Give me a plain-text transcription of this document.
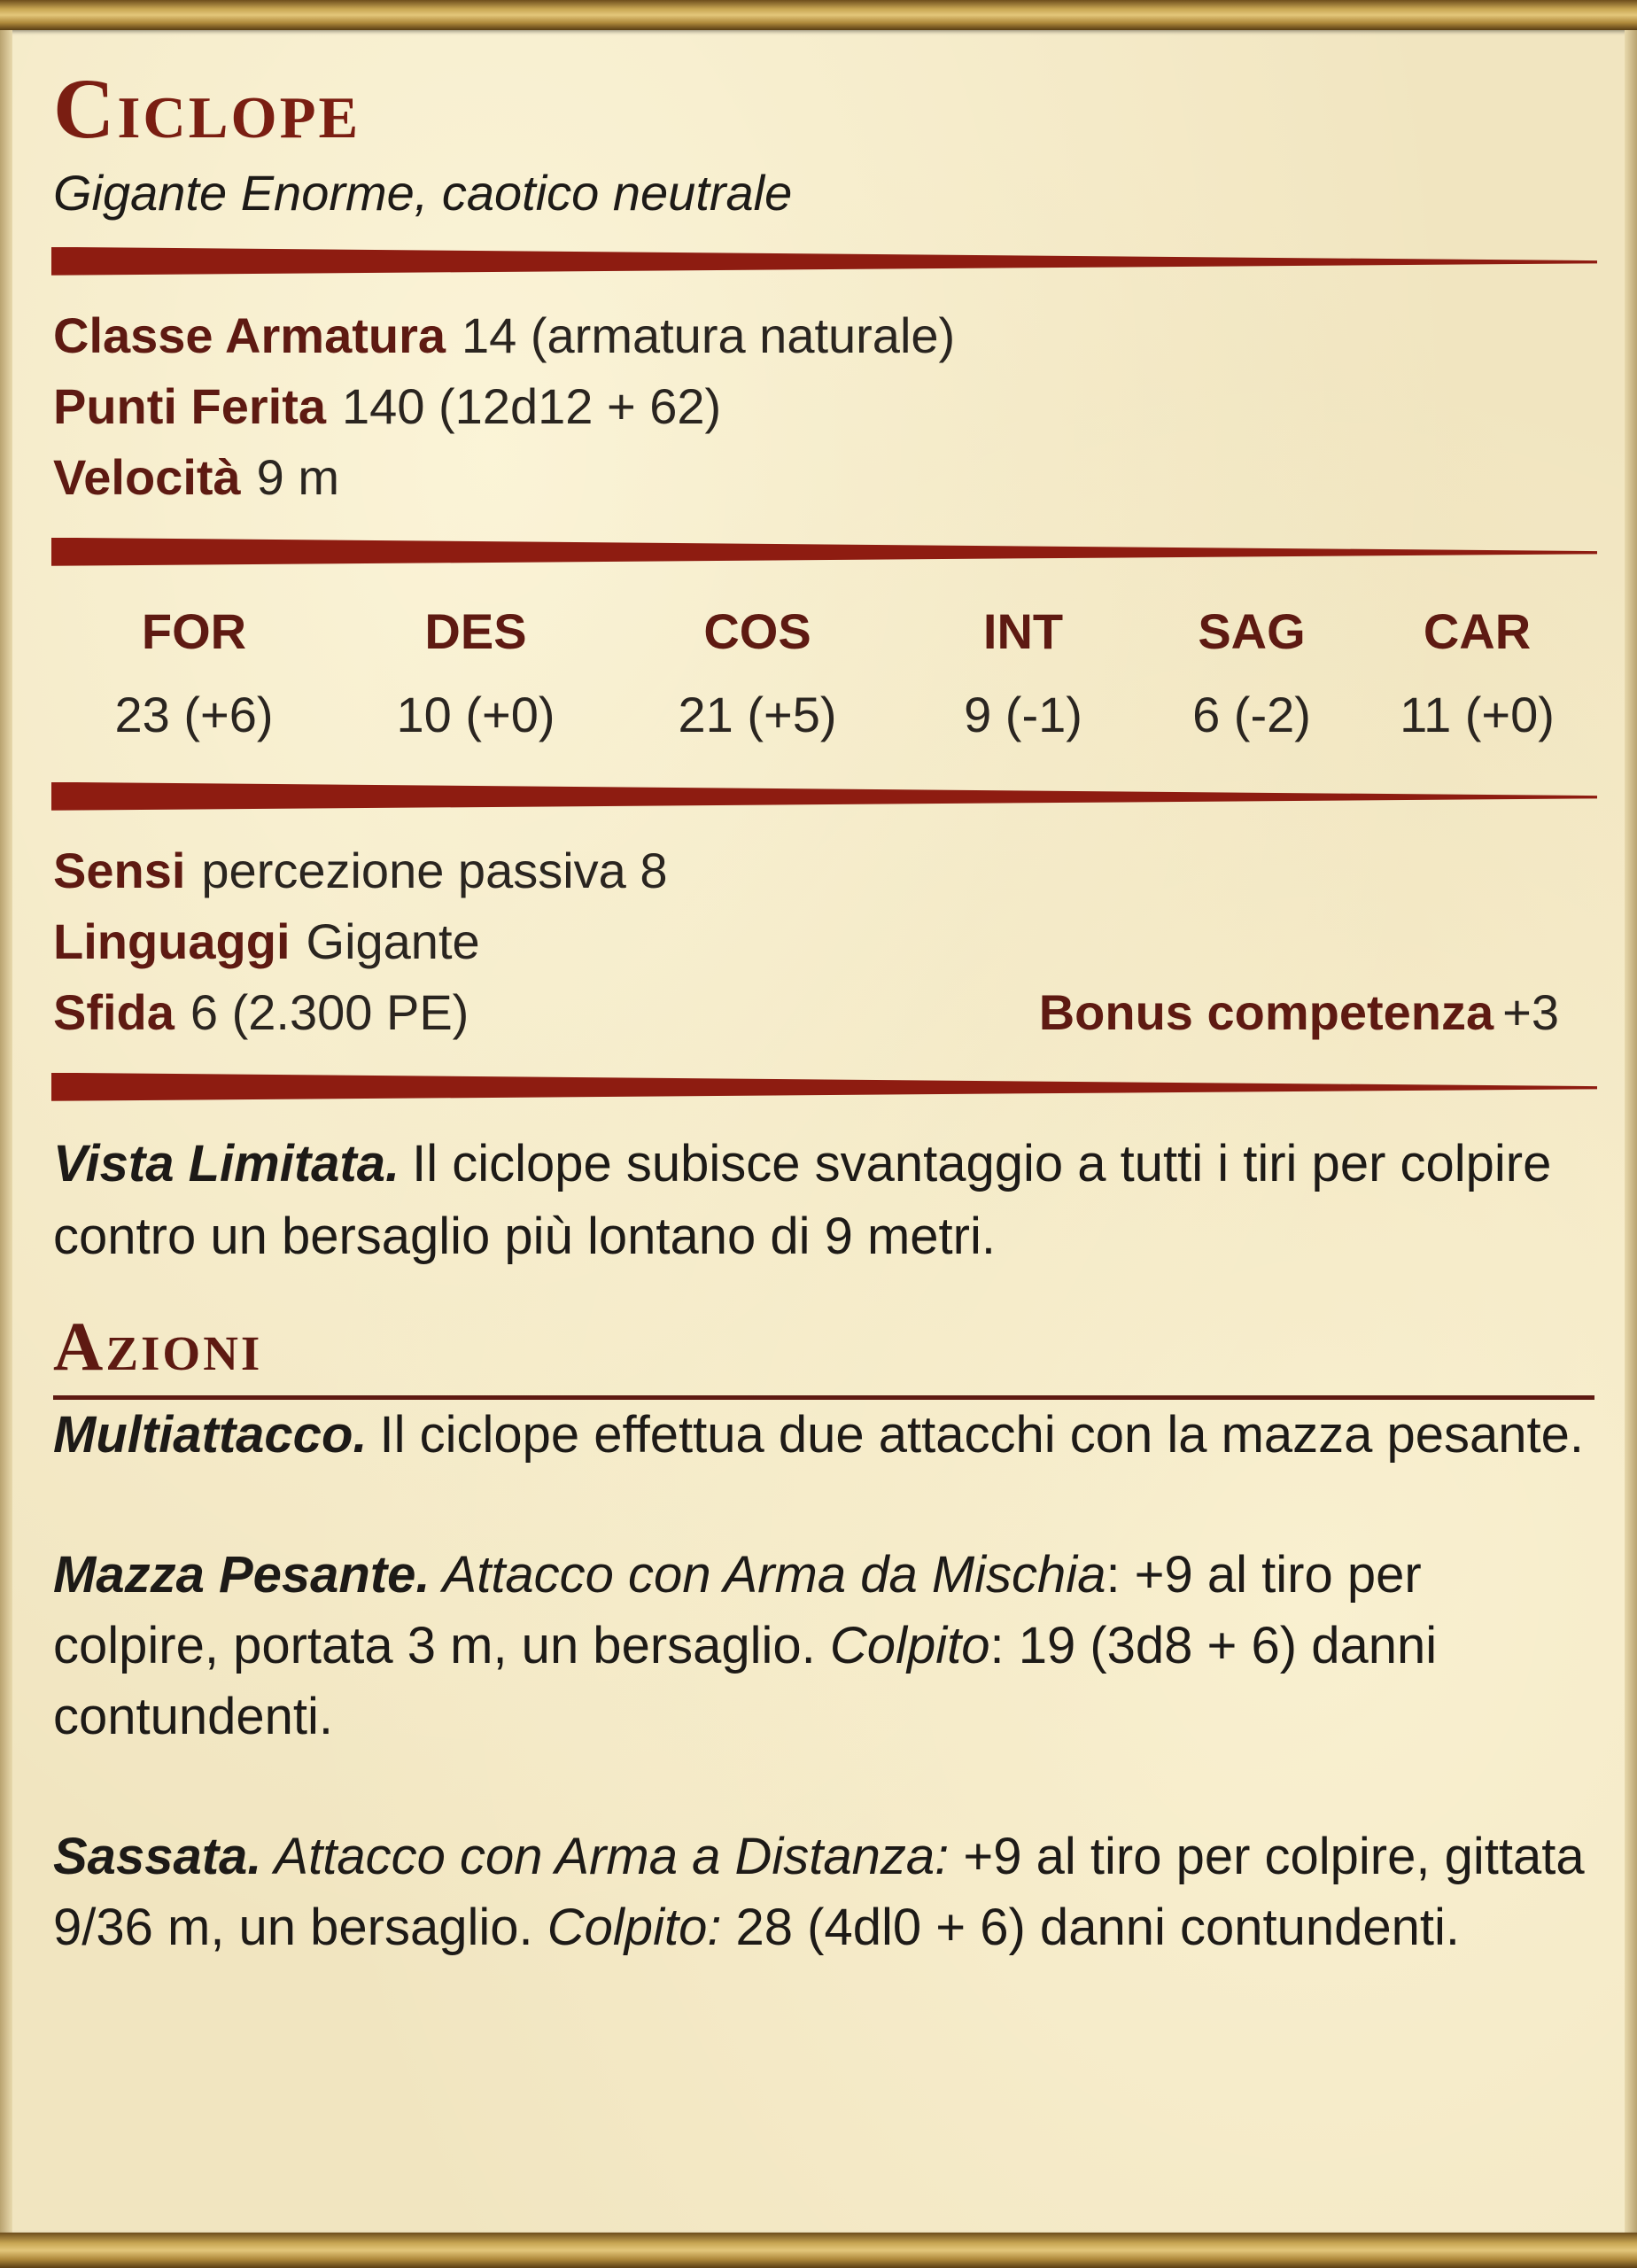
Ciclope
Gigante Enorme, caotico neutrale
Classe Armatura 14 (armatura naturale)
Punti Ferita 140 (12d12 + 62)
Velocità 9 m
FOR	DES	COS	INT	SAG	CAR
23 (+6)	10 (+0)	21 (+5)	9 (-1)	6 (-2)	11 (+0)
Sensi percezione passiva 8
Linguaggi Gigante
Sfida 6 (2.300 PE)	Bonus competenza +3
Vista Limitata. Il ciclope subisce svantaggio a tutti i tiri per colpire contro un bersaglio più lontano di 9 metri.
Azioni
Multiattacco. Il ciclope effettua due attacchi con la mazza pesante.
Mazza Pesante. Attacco con Arma da Mischia: +9 al tiro per colpire, portata 3 m, un bersaglio. Colpito: 19 (3d8 + 6) danni contundenti.
Sassata. Attacco con Arma a Distanza: +9 al tiro per colpire, gittata 9/36 m, un bersaglio. Colpito: 28 (4dl0 + 6) danni contundenti.
